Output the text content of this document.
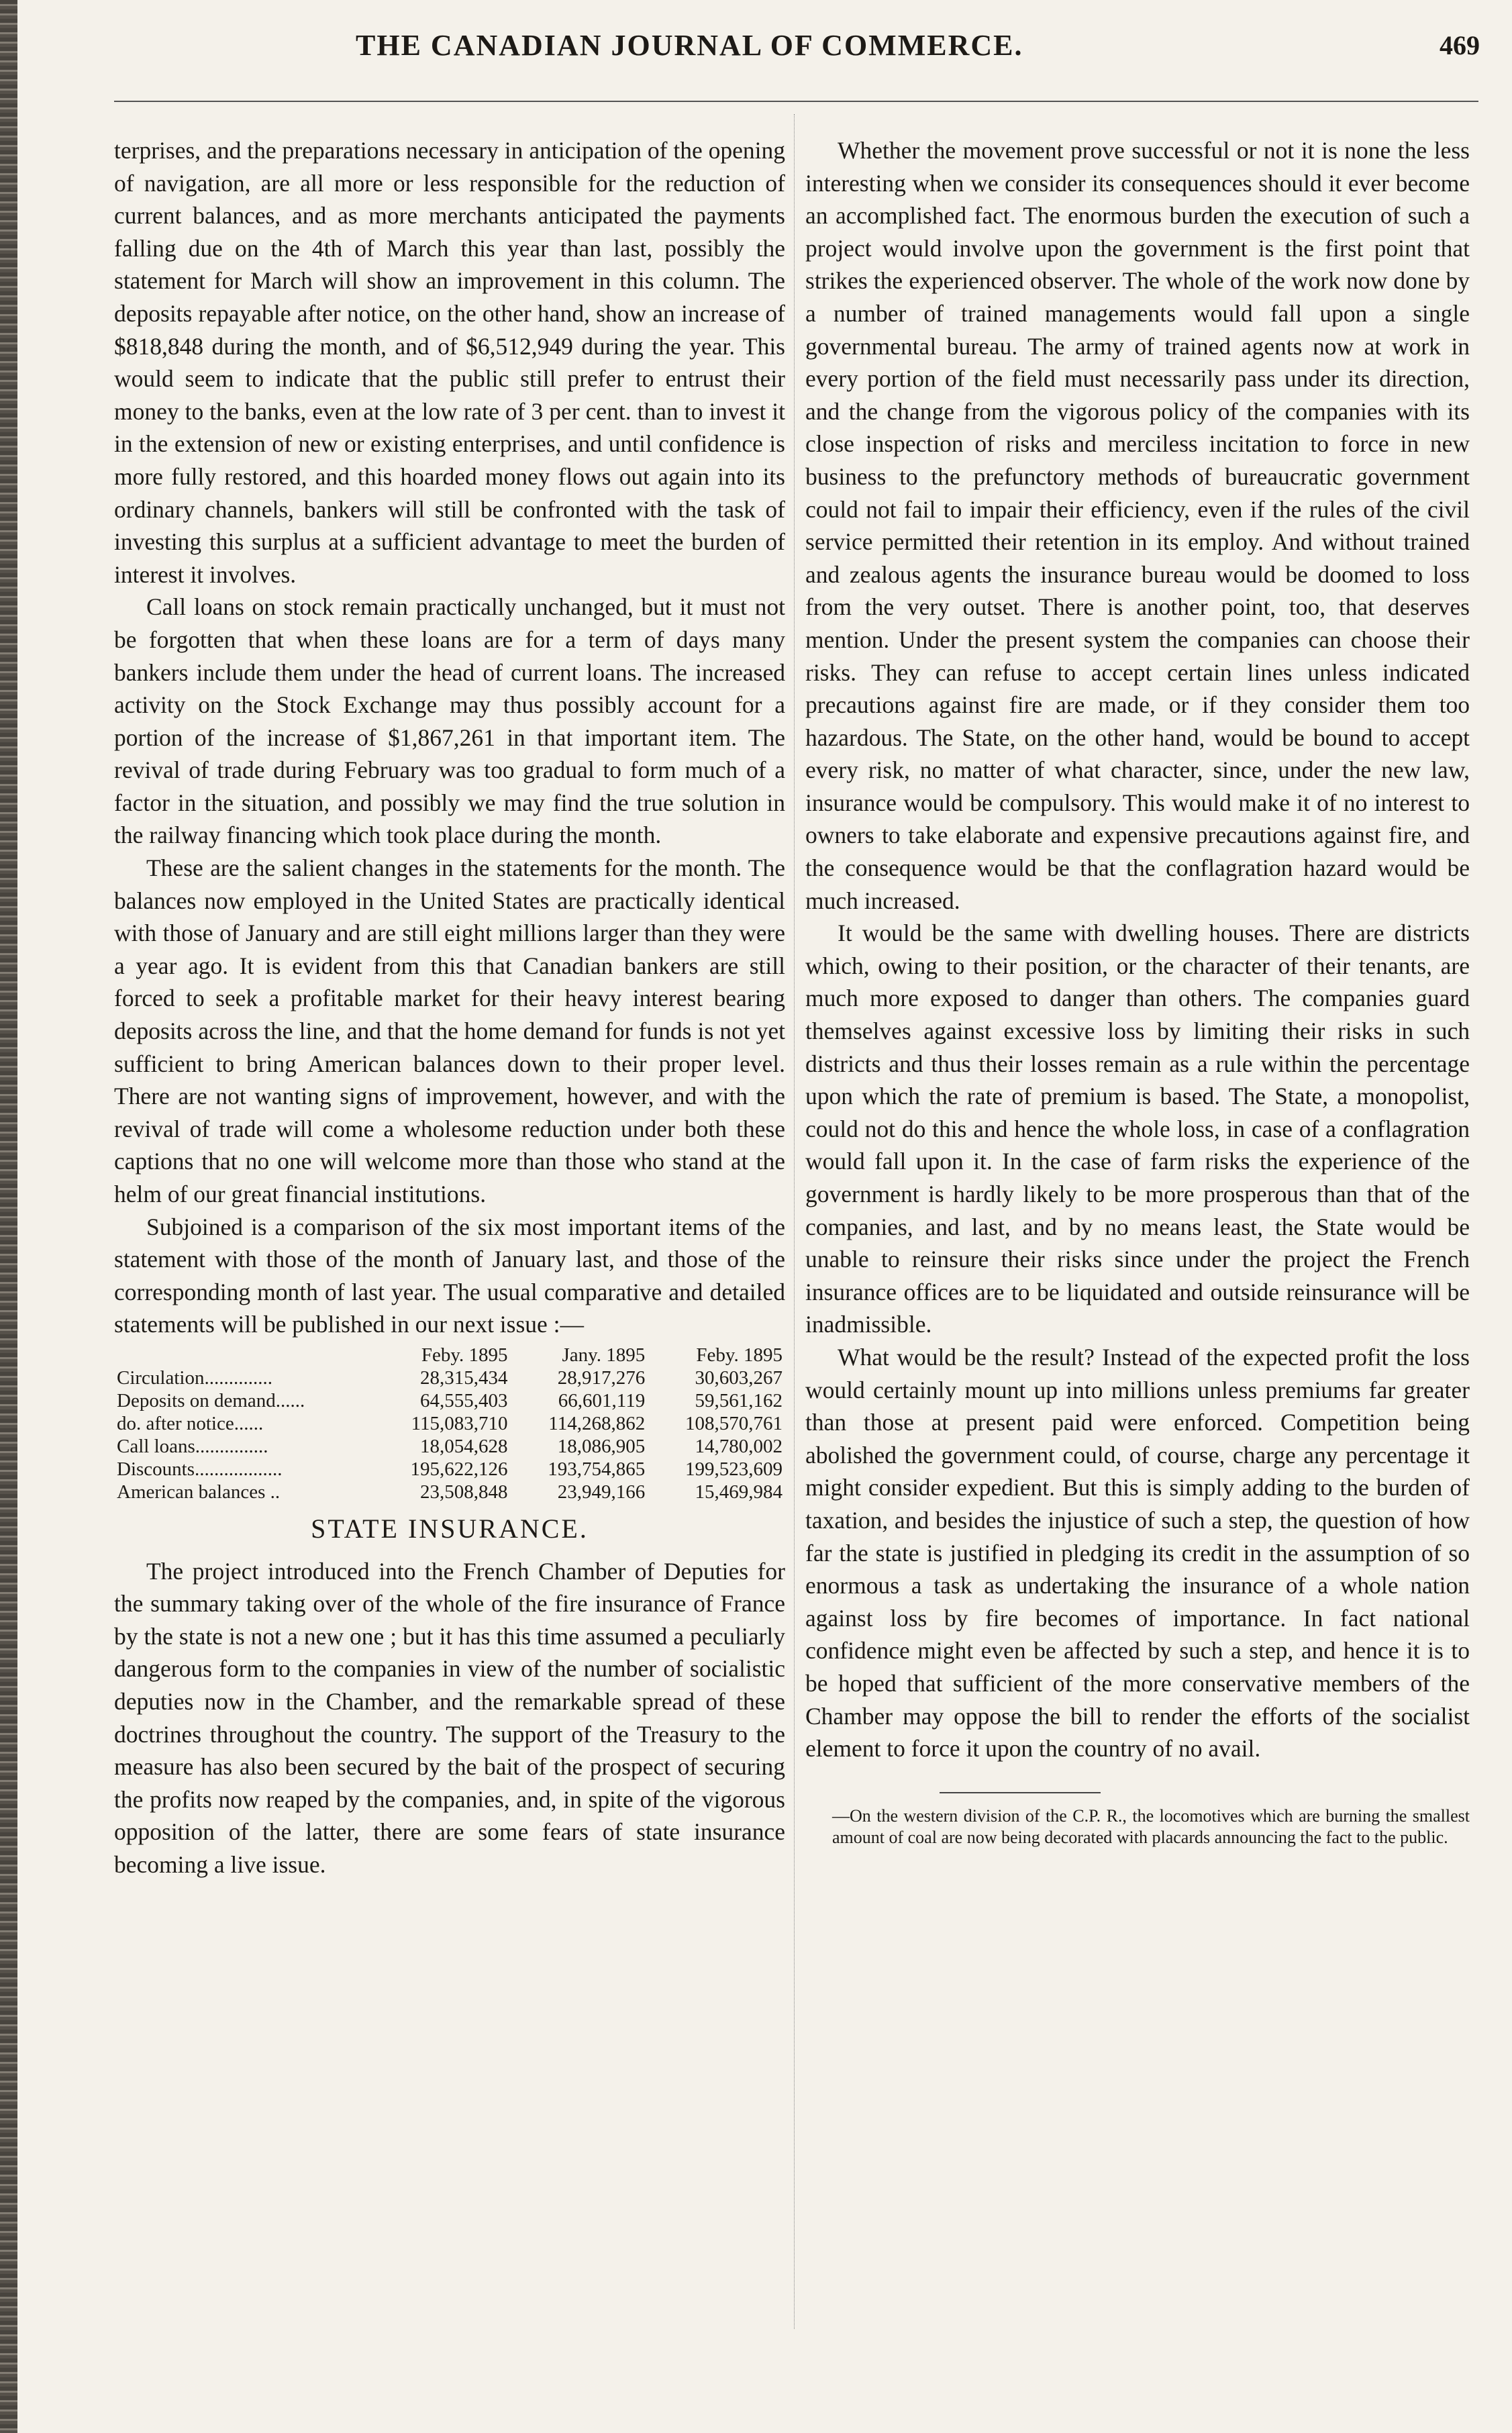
THE CANADIAN JOURNAL OF COMMERCE.	469

terprises, and the preparations necessary in anticipation of the opening of navigation, are all more or less responsible for the reduction of current balances, and as more merchants anticipated the payments falling due on the 4th of March this year than last, possibly the statement for March will show an improvement in this column. The deposits repayable after notice, on the other hand, show an increase of $818,848 during the month, and of $6,512,949 during the year. This would seem to indicate that the public still prefer to entrust their money to the banks, even at the low rate of 3 per cent. than to invest it in the extension of new or existing enterprises, and until confidence is more fully restored, and this hoarded money flows out again into its ordinary channels, bankers will still be confronted with the task of investing this surplus at a sufficient advantage to meet the burden of interest it involves.

Call loans on stock remain practically unchanged, but it must not be forgotten that when these loans are for a term of days many bankers include them under the head of current loans. The increased activity on the Stock Exchange may thus possibly account for a portion of the increase of $1,867,261 in that important item. The revival of trade during February was too gradual to form much of a factor in the situation, and possibly we may find the true solution in the railway financing which took place during the month.

These are the salient changes in the statements for the month. The balances now employed in the United States are practically identical with those of January and are still eight millions larger than they were a year ago. It is evident from this that Canadian bankers are still forced to seek a profitable market for their heavy interest bearing deposits across the line, and that the home demand for funds is not yet sufficient to bring American balances down to their proper level. There are not wanting signs of improvement, however, and with the revival of trade will come a wholesome reduction under both these captions that no one will welcome more than those who stand at the helm of our great financial institutions.

Subjoined is a comparison of the six most important items of the statement with those of the month of January last, and those of the corresponding month of last year. The usual comparative and detailed statements will be published in our next issue :—

	Feby. 1895	Jany. 1895	Feby. 1895
Circulation..............	28,315,434	28,917,276	30,603,267
Deposits on demand......	64,555,403	66,601,119	59,561,162
do. after notice......	115,083,710	114,268,862	108,570,761
Call loans...............	18,054,628	18,086,905	14,780,002
Discounts..................	195,622,126	193,754,865	199,523,609
American balances ..	23,508,848	23,949,166	15,469,984
STATE INSURANCE.

The project introduced into the French Chamber of Deputies for the summary taking over of the whole of the fire insurance of France by the state is not a new one ; but it has this time assumed a peculiarly dangerous form to the companies in view of the number of socialistic deputies now in the Chamber, and the remarkable spread of these doctrines throughout the country. The support of the Treasury to the measure has also been secured by the bait of the prospect of securing the profits now reaped by the companies, and, in spite of the vigorous opposition of the latter, there are some fears of state insurance becoming a live issue.

Whether the movement prove successful or not it is none the less interesting when we consider its consequences should it ever become an accomplished fact. The enormous burden the execution of such a project would involve upon the government is the first point that strikes the experienced observer. The whole of the work now done by a number of trained managements would fall upon a single governmental bureau. The army of trained agents now at work in every portion of the field must necessarily pass under its direction, and the change from the vigorous policy of the companies with its close inspection of risks and merciless incitation to force in new business to the prefunctory methods of bureaucratic government could not fail to impair their efficiency, even if the rules of the civil service permitted their retention in its employ. And without trained and zealous agents the insurance bureau would be doomed to loss from the very outset. There is another point, too, that deserves mention. Under the present system the companies can choose their risks. They can refuse to accept certain lines unless indicated precautions against fire are made, or if they consider them too hazardous. The State, on the other hand, would be bound to accept every risk, no matter of what character, since, under the new law, insurance would be compulsory. This would make it of no interest to owners to take elaborate and expensive precautions against fire, and the consequence would be that the conflagration hazard would be much increased.

It would be the same with dwelling houses. There are districts which, owing to their position, or the character of their tenants, are much more exposed to danger than others. The companies guard themselves against excessive loss by limiting their risks in such districts and thus their losses remain as a rule within the percentage upon which the rate of premium is based. The State, a monopolist, could not do this and hence the whole loss, in case of a conflagration would fall upon it. In the case of farm risks the experience of the government is hardly likely to be more prosperous than that of the companies, and last, and by no means least, the State would be unable to reinsure their risks since under the project the French insurance offices are to be liquidated and outside reinsurance will be inadmissible.

What would be the result? Instead of the expected profit the loss would certainly mount up into millions unless premiums far greater than those at present paid were enforced. Competition being abolished the government could, of course, charge any percentage it might consider expedient. But this is simply adding to the burden of taxation, and besides the injustice of such a step, the question of how far the state is justified in pledging its credit in the assumption of so enormous a task as undertaking the insurance of a whole nation against loss by fire becomes of importance. In fact national confidence might even be affected by such a step, and hence it is to be hoped that sufficient of the more conservative members of the Chamber may oppose the bill to render the efforts of the socialist element to force it upon the country of no avail.

—On the western division of the C.P. R., the locomotives which are burning the smallest amount of coal are now being decorated with placards announcing the fact to the public.
